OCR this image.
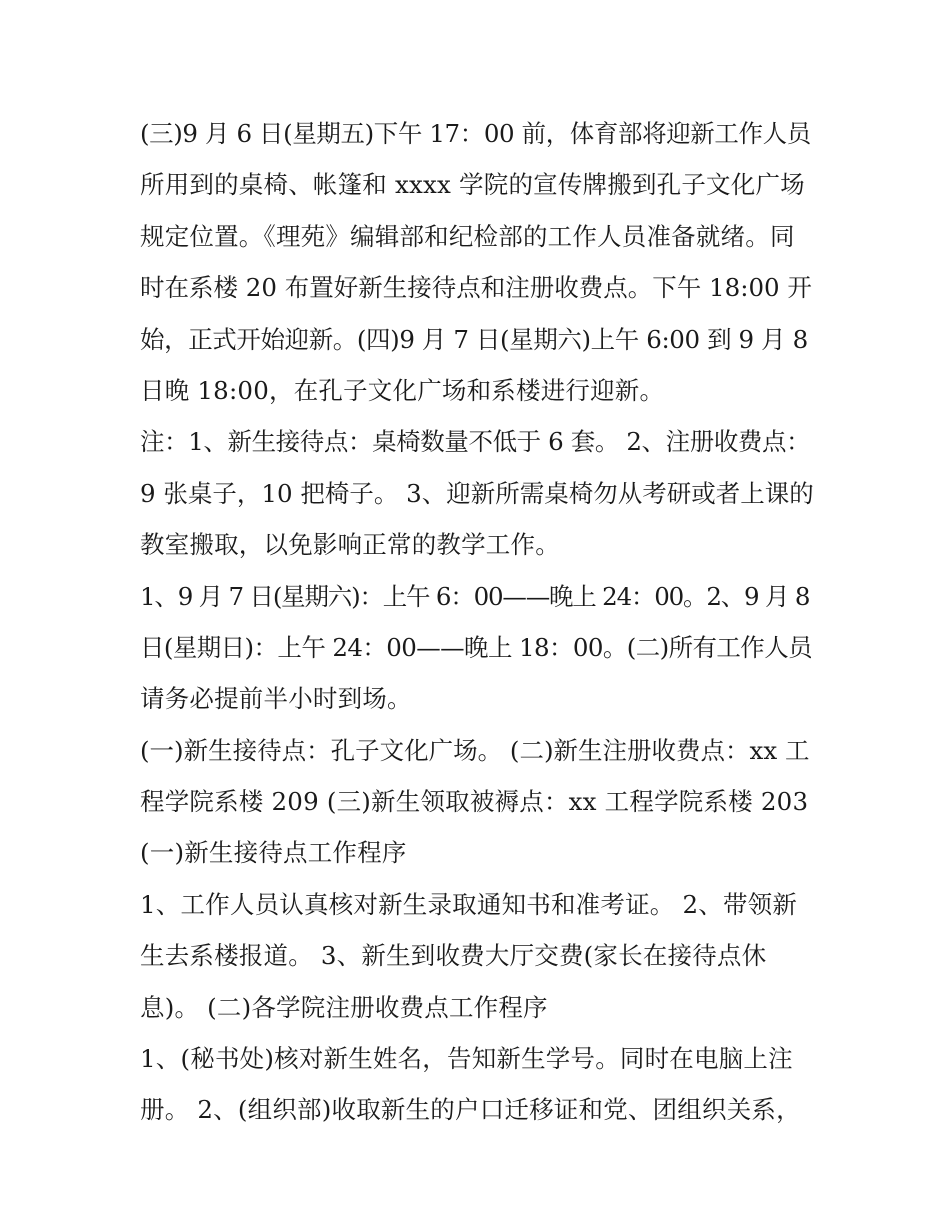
(三)9 月 6 日(星期五)下午 17：00 前，体育部将迎新工作人员
所用到的桌椅、帐篷和 xxxx 学院的宣传牌搬到孔子文化广场
规定位置。《理苑》编辑部和纪检部的工作人员准备就绪。同
时在系楼 20 布置好新生接待点和注册收费点。下午 18:00 开
始，正式开始迎新。(四)9 月 7 日(星期六)上午 6:00 到 9 月 8
日晚 18:00，在孔子文化广场和系楼进行迎新。
注：1、新生接待点：桌椅数量不低于 6 套。 2、注册收费点：
9 张桌子，10 把椅子。 3、迎新所需桌椅勿从考研或者上课的
教室搬取，以免影响正常的教学工作。
1、9 月 7 日(星期六)：上午 6：00——晚上 24：00。2、9 月 8
日(星期日)：上午 24：00——晚上 18：00。(二)所有工作人员
请务必提前半小时到场。
(一)新生接待点：孔子文化广场。 (二)新生注册收费点：xx 工
程学院系楼 209 (三)新生领取被褥点：xx 工程学院系楼 203
(一)新生接待点工作程序
1、工作人员认真核对新生录取通知书和准考证。 2、带领新
生去系楼报道。 3、新生到收费大厅交费(家长在接待点休
息)。 (二)各学院注册收费点工作程序
1、(秘书处)核对新生姓名，告知新生学号。同时在电脑上注
册。 2、(组织部)收取新生的户口迁移证和党、团组织关系，
